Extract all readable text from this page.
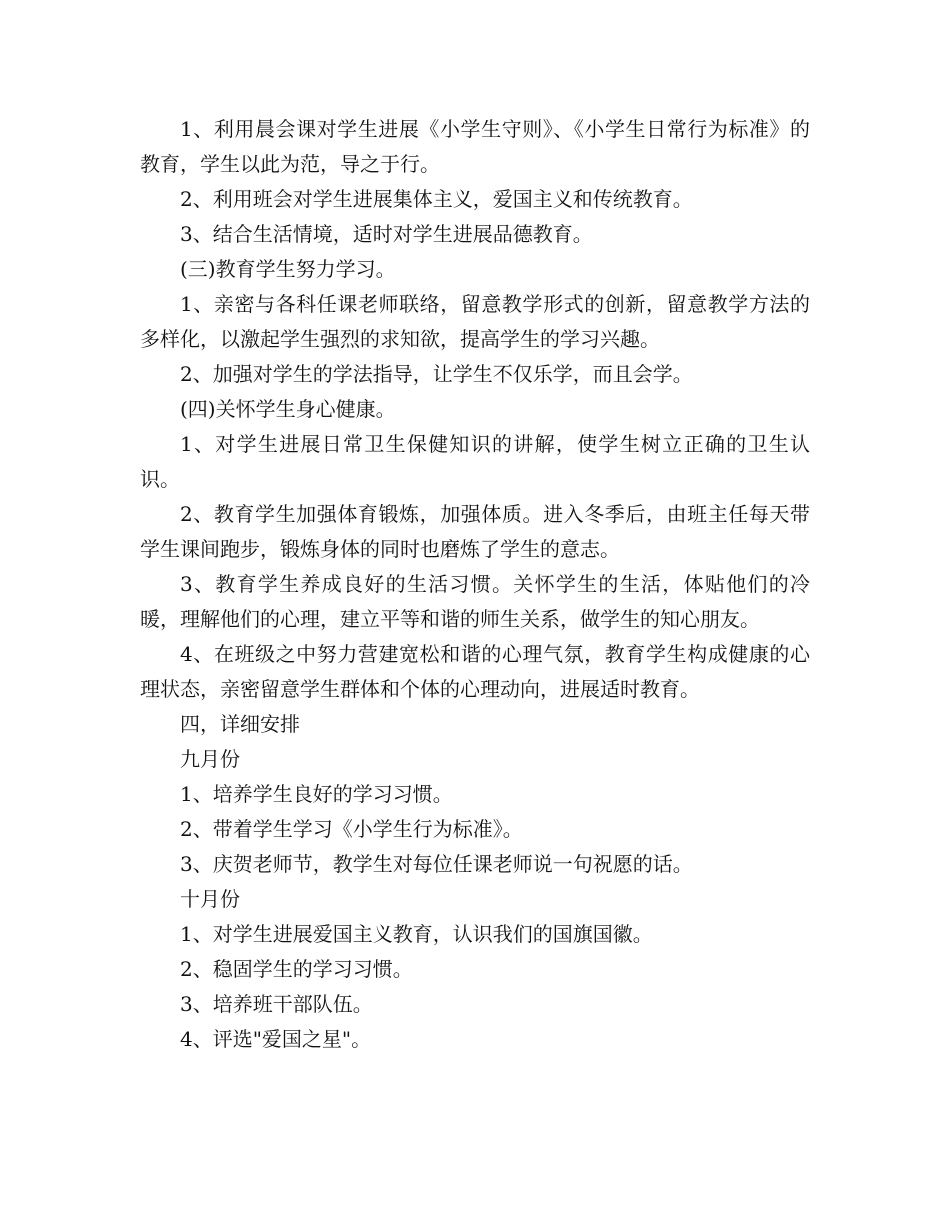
1、利用晨会课对学生进展《小学生守则》、《小学生日常行为标准》的教育，学生以此为范，导之于行。

2、利用班会对学生进展集体主义，爱国主义和传统教育。

3、结合生活情境，适时对学生进展品德教育。

(三)教育学生努力学习。

1、亲密与各科任课老师联络，留意教学形式的创新，留意教学方法的多样化，以激起学生强烈的求知欲，提高学生的学习兴趣。

2、加强对学生的学法指导，让学生不仅乐学，而且会学。

(四)关怀学生身心健康。

1、对学生进展日常卫生保健知识的讲解，使学生树立正确的卫生认识。

2、教育学生加强体育锻炼，加强体质。进入冬季后，由班主任每天带学生课间跑步，锻炼身体的同时也磨炼了学生的意志。

3、教育学生养成良好的生活习惯。关怀学生的生活，体贴他们的冷暖，理解他们的心理，建立平等和谐的师生关系，做学生的知心朋友。

4、在班级之中努力营建宽松和谐的心理气氛，教育学生构成健康的心理状态，亲密留意学生群体和个体的心理动向，进展适时教育。

四，详细安排

九月份

1、培养学生良好的学习习惯。

2、带着学生学习《小学生行为标准》。

3、庆贺老师节，教学生对每位任课老师说一句祝愿的话。

十月份

1、对学生进展爱国主义教育，认识我们的国旗国徽。

2、稳固学生的学习习惯。

3、培养班干部队伍。

4、评选"爱国之星"。
